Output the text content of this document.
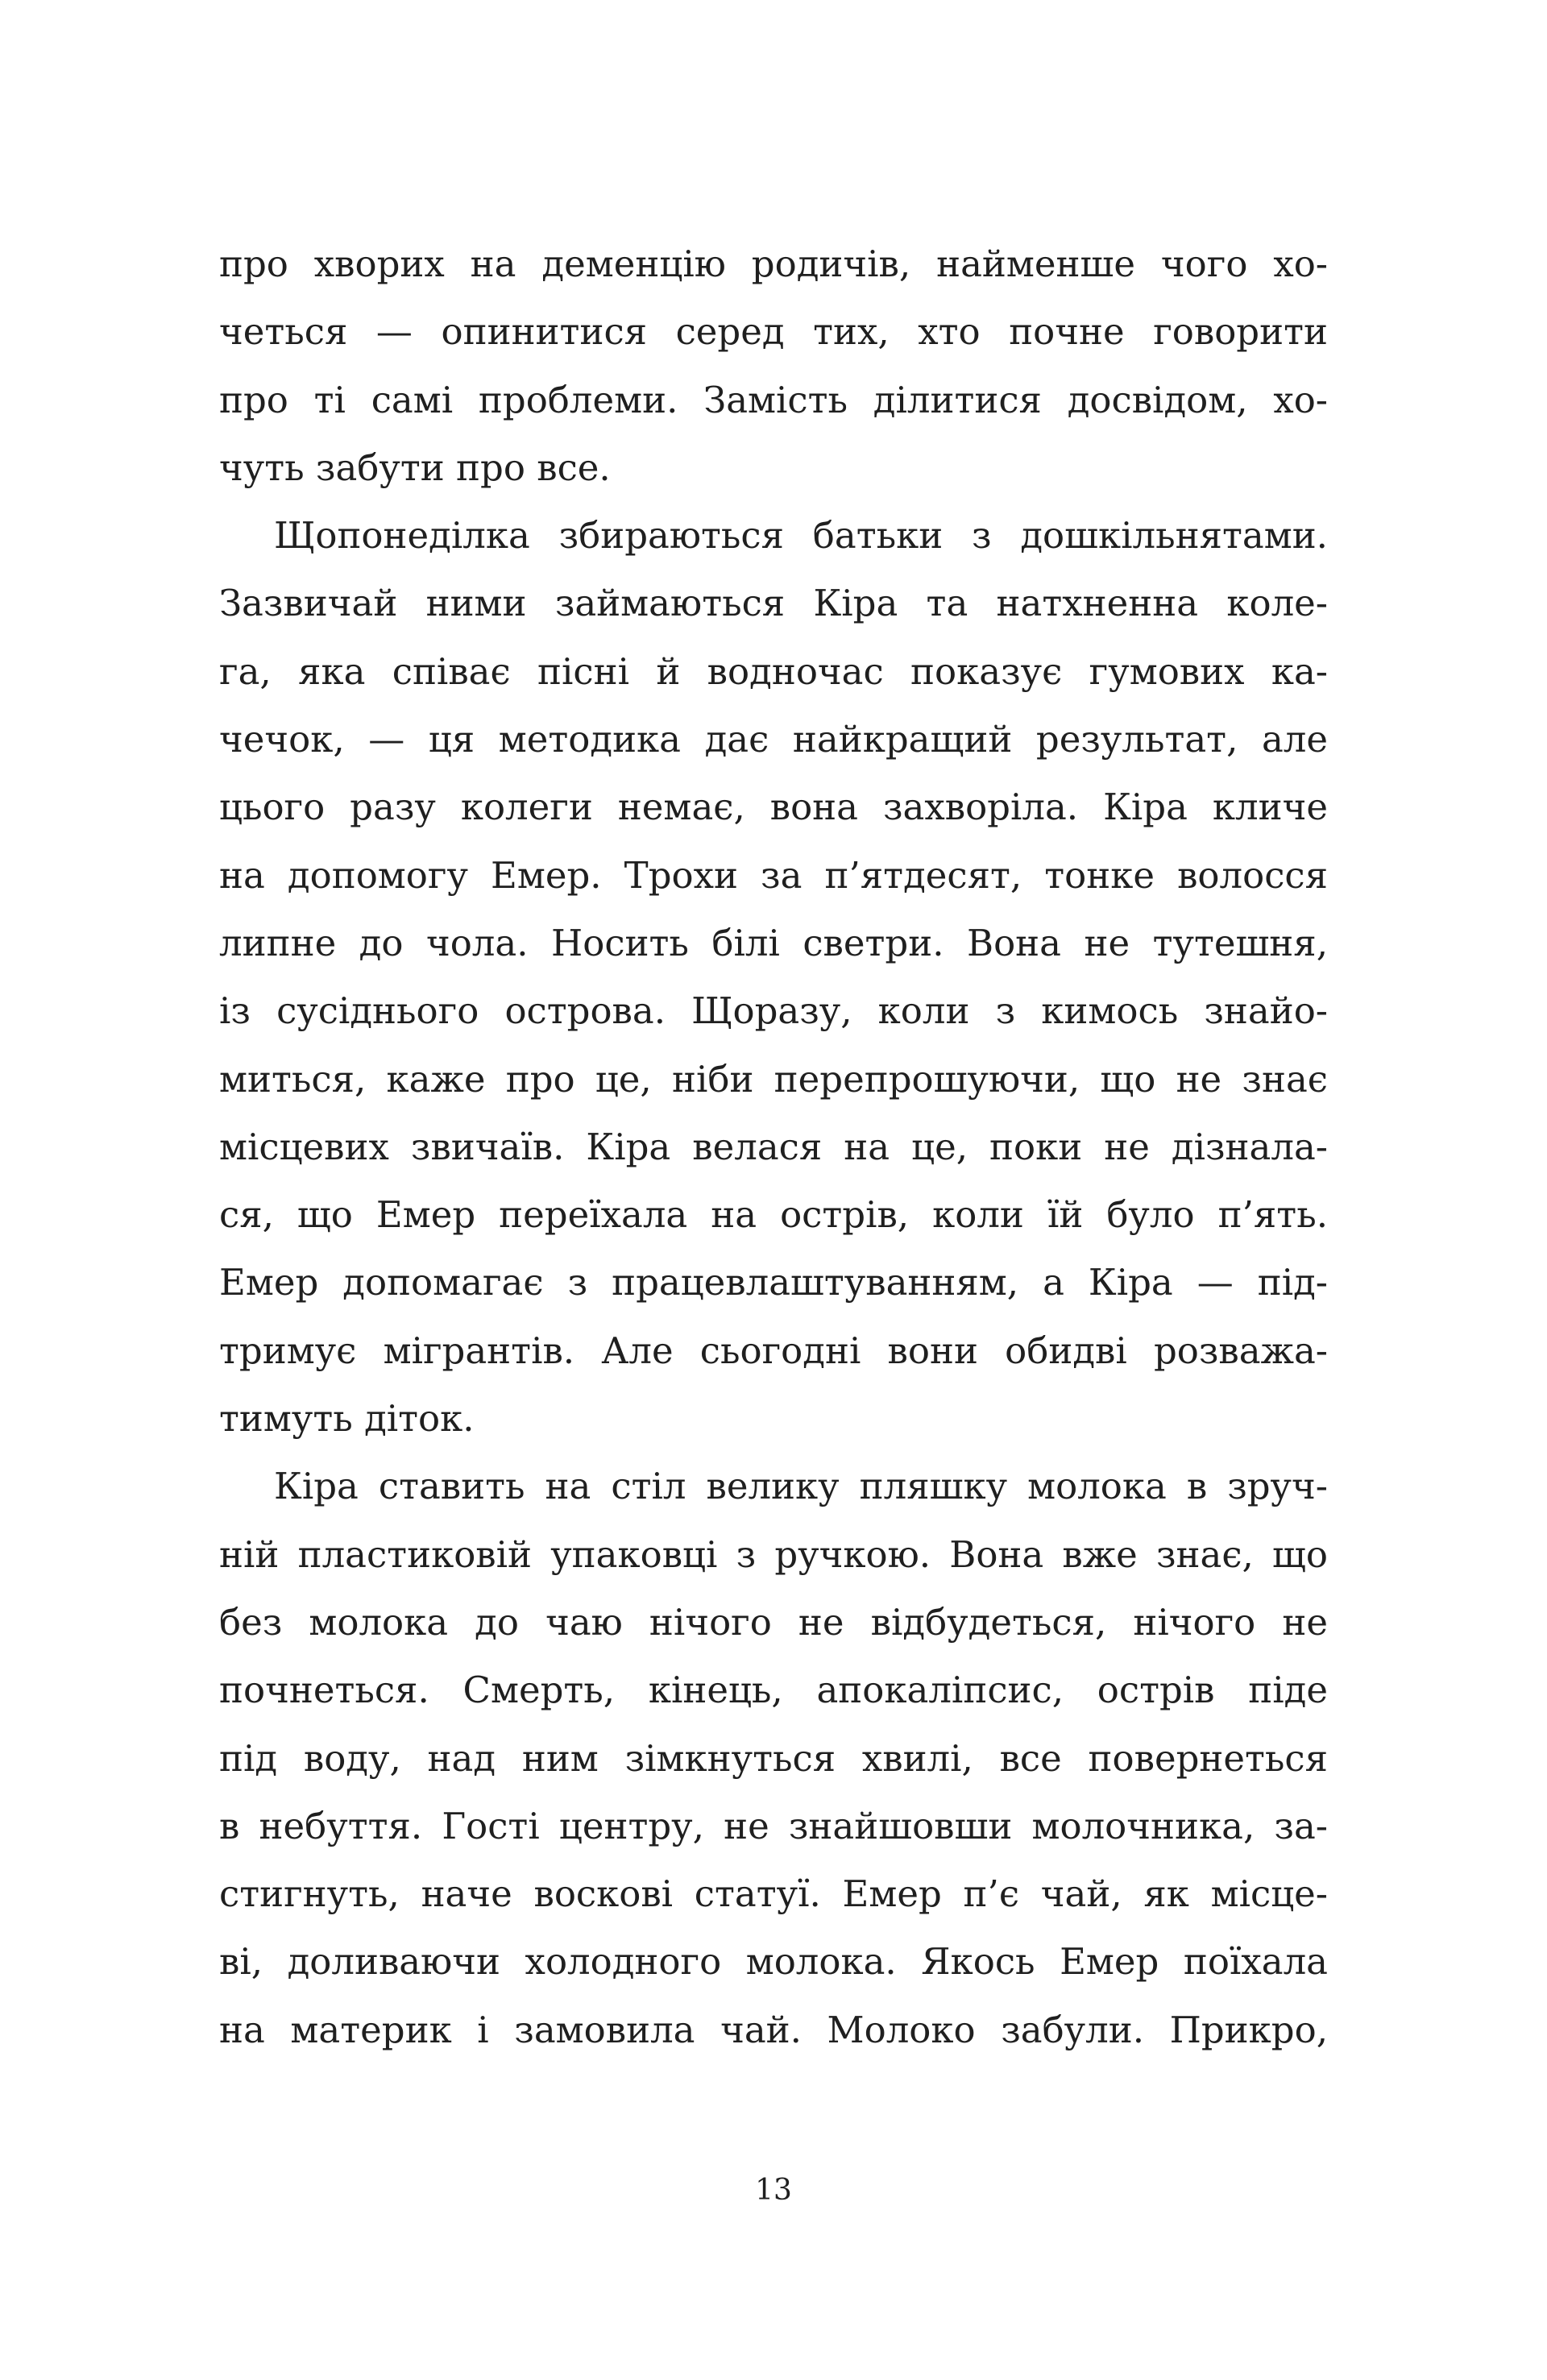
про хворих на деменцію родичів, найменше чого хо-
четься — опинитися серед тих, хто почне говорити
про ті самі проблеми. Замість ділитися досвідом, хо-
чуть забути про все.
Щопонеділка збираються батьки з дошкільнятами.
Зазвичай ними займаються Кіра та натхненна коле-
га, яка співає пісні й водночас показує гумових ка-
чечок, — ця методика дає найкращий результат, але
цього разу колеги немає, вона захворіла. Кіра кличе
на допомогу Емер. Трохи за п’ятдесят, тонке волосся
липне до чола. Носить білі светри. Вона не тутешня,
із сусіднього острова. Щоразу, коли з кимось знайо-
миться, каже про це, ніби перепрошуючи, що не знає
місцевих звичаїв. Кіра велася на це, поки не дізнала-
ся, що Емер переїхала на острів, коли їй було п’ять.
Емер допомагає з працевлаштуванням, а Кіра — під-
тримує мігрантів. Але сьогодні вони обидві розважа-
тимуть діток.
Кіра ставить на стіл велику пляшку молока в зруч-
ній пластиковій упаковці з ручкою. Вона вже знає, що
без молока до чаю нічого не відбудеться, нічого не
почнеться. Смерть, кінець, апокаліпсис, острів піде
під воду, над ним зімкнуться хвилі, все повернеться
в небуття. Гості центру, не знайшовши молочника, за-
стигнуть, наче воскові статуї. Емер п’є чай, як місце-
ві, доливаючи холодного молока. Якось Емер поїхала
на материк і замовила чай. Молоко забули. Прикро,
13
